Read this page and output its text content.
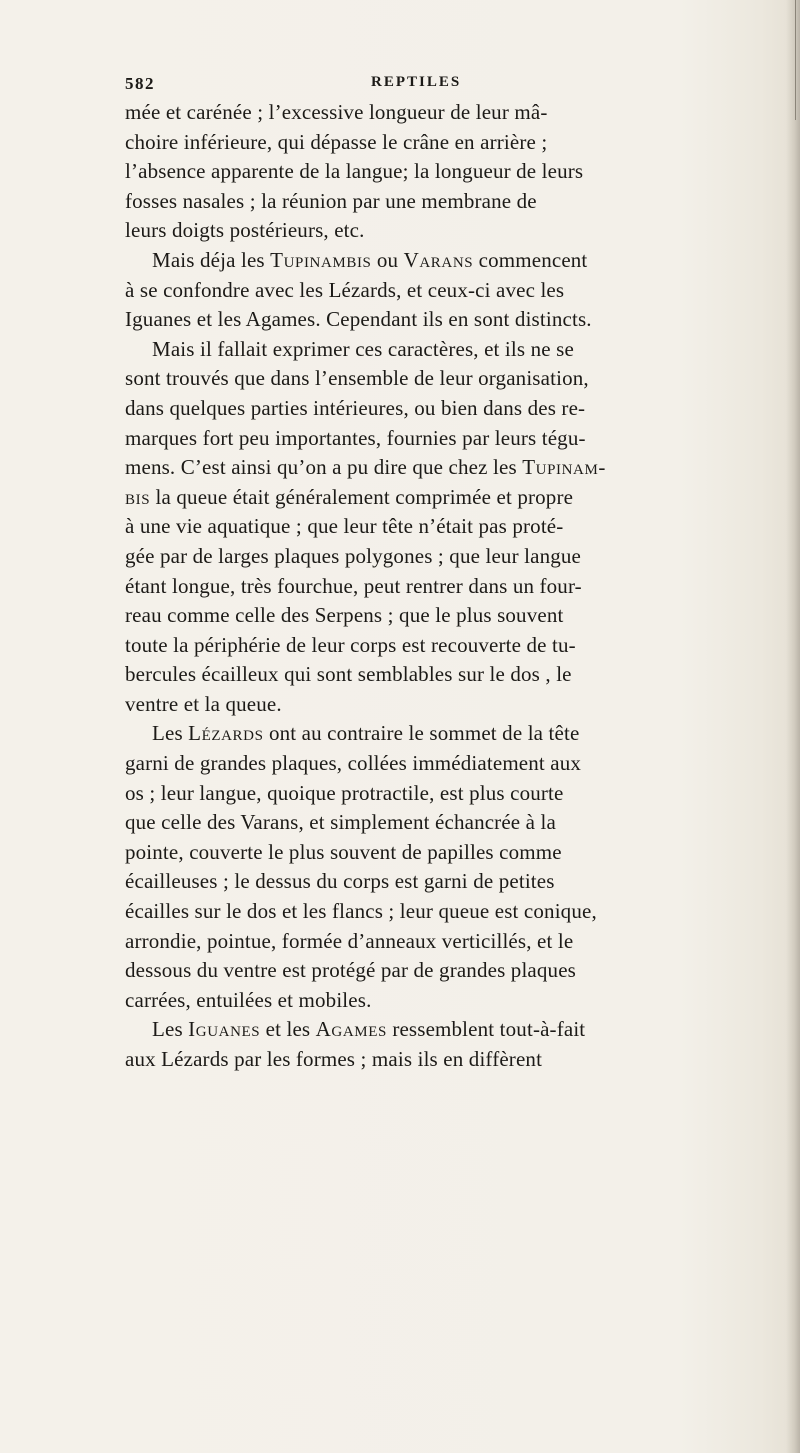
582	REPTILES
mée et carénée ; l’excessive longueur de leur mâ-
choire inférieure, qui dépasse le crâne en arrière ;
l’absence apparente de la langue; la longueur de leurs
fosses nasales ; la réunion par une membrane de
leurs doigts postérieurs, etc.
Mais déja les Tupinambis ou Varans commencent
à se confondre avec les Lézards, et ceux-ci avec les
Iguanes et les Agames. Cependant ils en sont distincts.
Mais il fallait exprimer ces caractères, et ils ne se
sont trouvés que dans l’ensemble de leur organisation,
dans quelques parties intérieures, ou bien dans des re-
marques fort peu importantes, fournies par leurs tégu-
mens. C’est ainsi qu’on a pu dire que chez les Tupinam-
bis la queue était généralement comprimée et propre
à une vie aquatique ; que leur tête n’était pas proté-
gée par de larges plaques polygones ; que leur langue
étant longue, très fourchue, peut rentrer dans un four-
reau comme celle des Serpens ; que le plus souvent
toute la périphérie de leur corps est recouverte de tu-
bercules écailleux qui sont semblables sur le dos , le
ventre et la queue.
Les Lézards ont au contraire le sommet de la tête
garni de grandes plaques, collées immédiatement aux
os ; leur langue, quoique protractile, est plus courte
que celle des Varans, et simplement échancrée à la
pointe, couverte le plus souvent de papilles comme
écailleuses ; le dessus du corps est garni de petites
écailles sur le dos et les flancs ; leur queue est conique,
arrondie, pointue, formée d’anneaux verticillés, et le
dessous du ventre est protégé par de grandes plaques
carrées, entuilées et mobiles.
Les Iguanes et les Agames ressemblent tout-à-fait
aux Lézards par les formes ; mais ils en diffèrent
